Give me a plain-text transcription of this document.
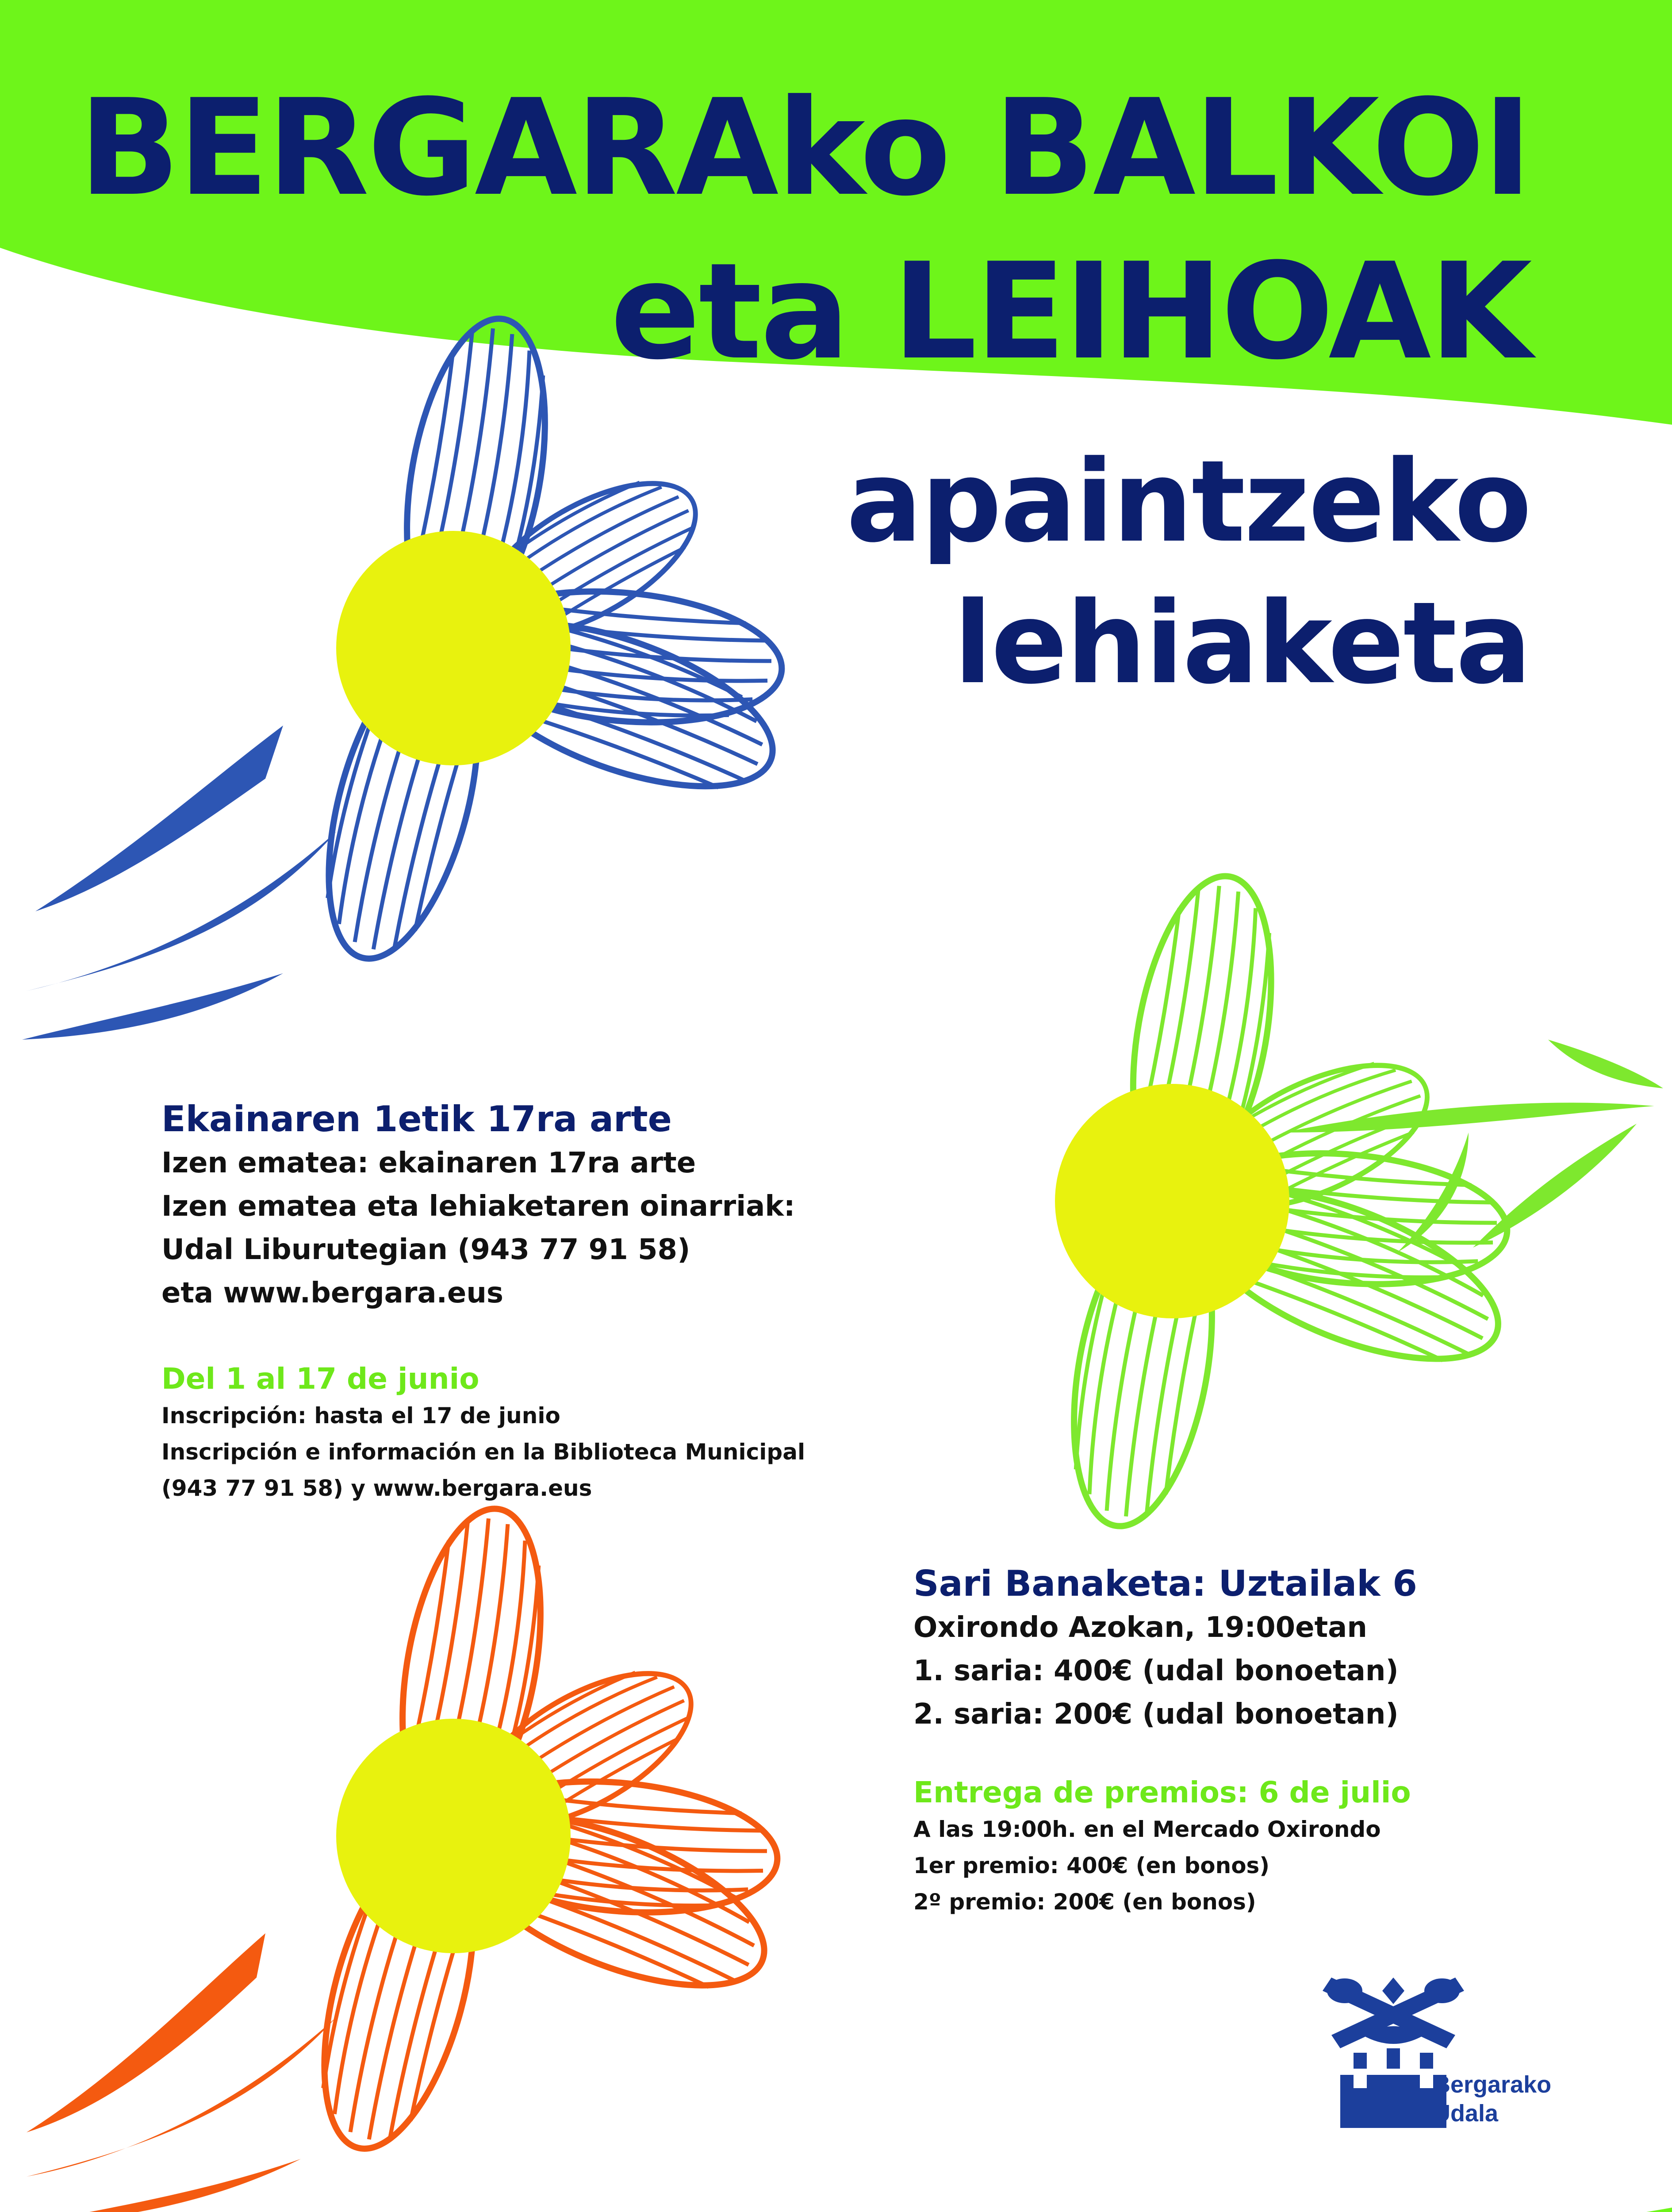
BERGARAko BALKOI
eta LEIHOAK
apaintzeko
lehiaketa
Ekainaren 1etik 17ra arte
Izen ematea: ekainaren 17ra arte
Izen ematea eta lehiaketaren oinarriak:
Udal Liburutegian (943 77 91 58)
eta www.bergara.eus
Del 1 al 17 de junio
Inscripción: hasta el 17 de junio
Inscripción e información en la Biblioteca Municipal
(943 77 91 58) y www.bergara.eus
Sari Banaketa: Uztailak 6
Oxirondo Azokan, 19:00etan
1. saria: 400€ (udal bonoetan)
2. saria: 200€ (udal bonoetan)
Entrega de premios: 6 de julio
A las 19:00h. en el Mercado Oxirondo
1er premio: 400€ (en bonos)
2º premio: 200€ (en bonos)
Bergarako
Udala
